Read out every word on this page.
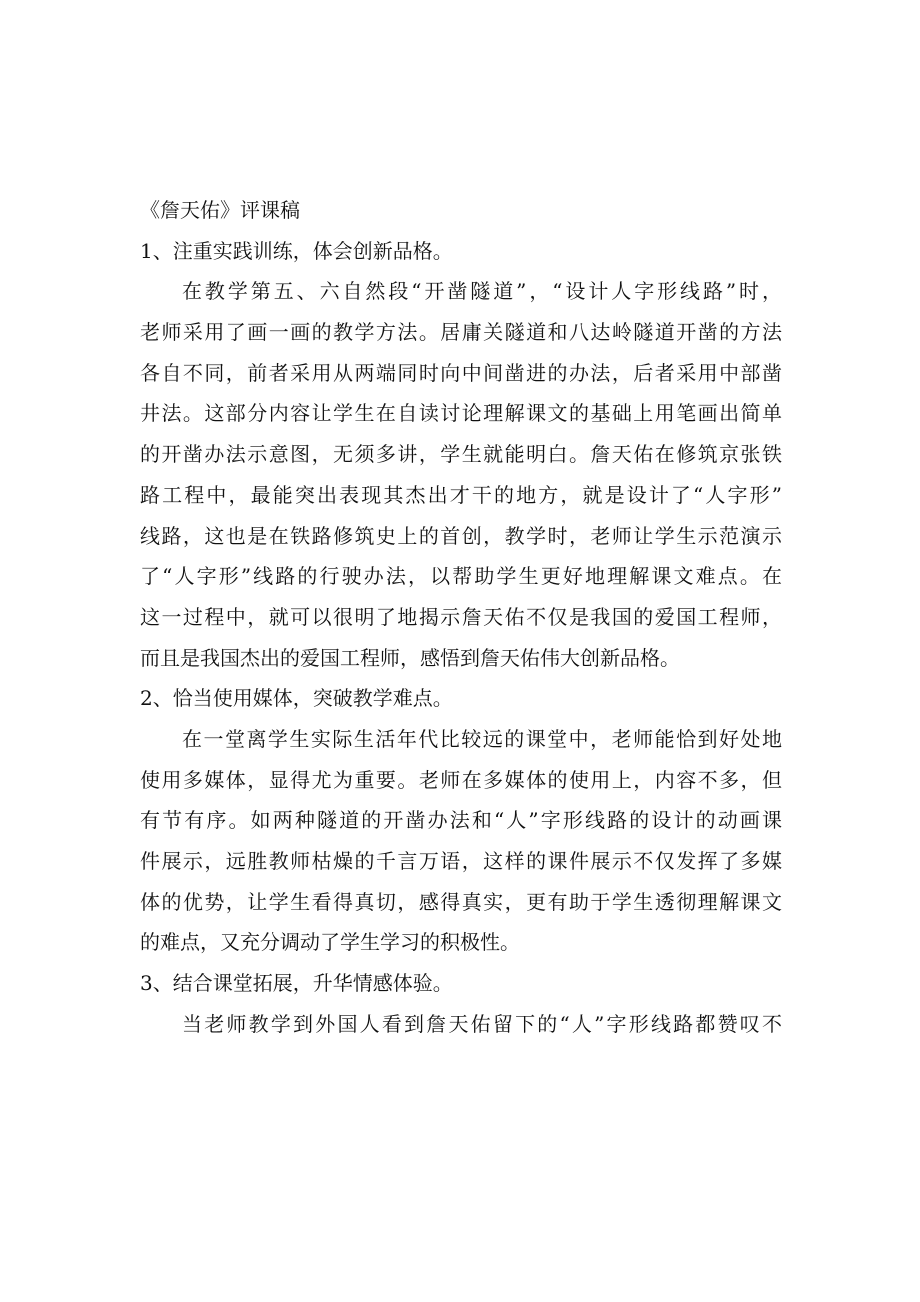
《詹天佑》评课稿
1、注重实践训练，体会创新品格。
在教学第五、六自然段“开凿隧道”，“设计人字形线路”时，
老师采用了画一画的教学方法。居庸关隧道和八达岭隧道开凿的方法
各自不同，前者采用从两端同时向中间凿进的办法，后者采用中部凿
井法。这部分内容让学生在自读讨论理解课文的基础上用笔画出简单
的开凿办法示意图，无须多讲，学生就能明白。詹天佑在修筑京张铁
路工程中，最能突出表现其杰出才干的地方，就是设计了“人字形”
线路，这也是在铁路修筑史上的首创，教学时，老师让学生示范演示
了“人字形”线路的行驶办法，以帮助学生更好地理解课文难点。在
这一过程中，就可以很明了地揭示詹天佑不仅是我国的爱国工程师，
而且是我国杰出的爱国工程师，感悟到詹天佑伟大创新品格。
2、恰当使用媒体，突破教学难点。
在一堂离学生实际生活年代比较远的课堂中，老师能恰到好处地
使用多媒体，显得尤为重要。老师在多媒体的使用上，内容不多，但
有节有序。如两种隧道的开凿办法和“人”字形线路的设计的动画课
件展示，远胜教师枯燥的千言万语，这样的课件展示不仅发挥了多媒
体的优势，让学生看得真切，感得真实，更有助于学生透彻理解课文
的难点，又充分调动了学生学习的积极性。
3、结合课堂拓展，升华情感体验。
当老师教学到外国人看到詹天佑留下的“人”字形线路都赞叹不
